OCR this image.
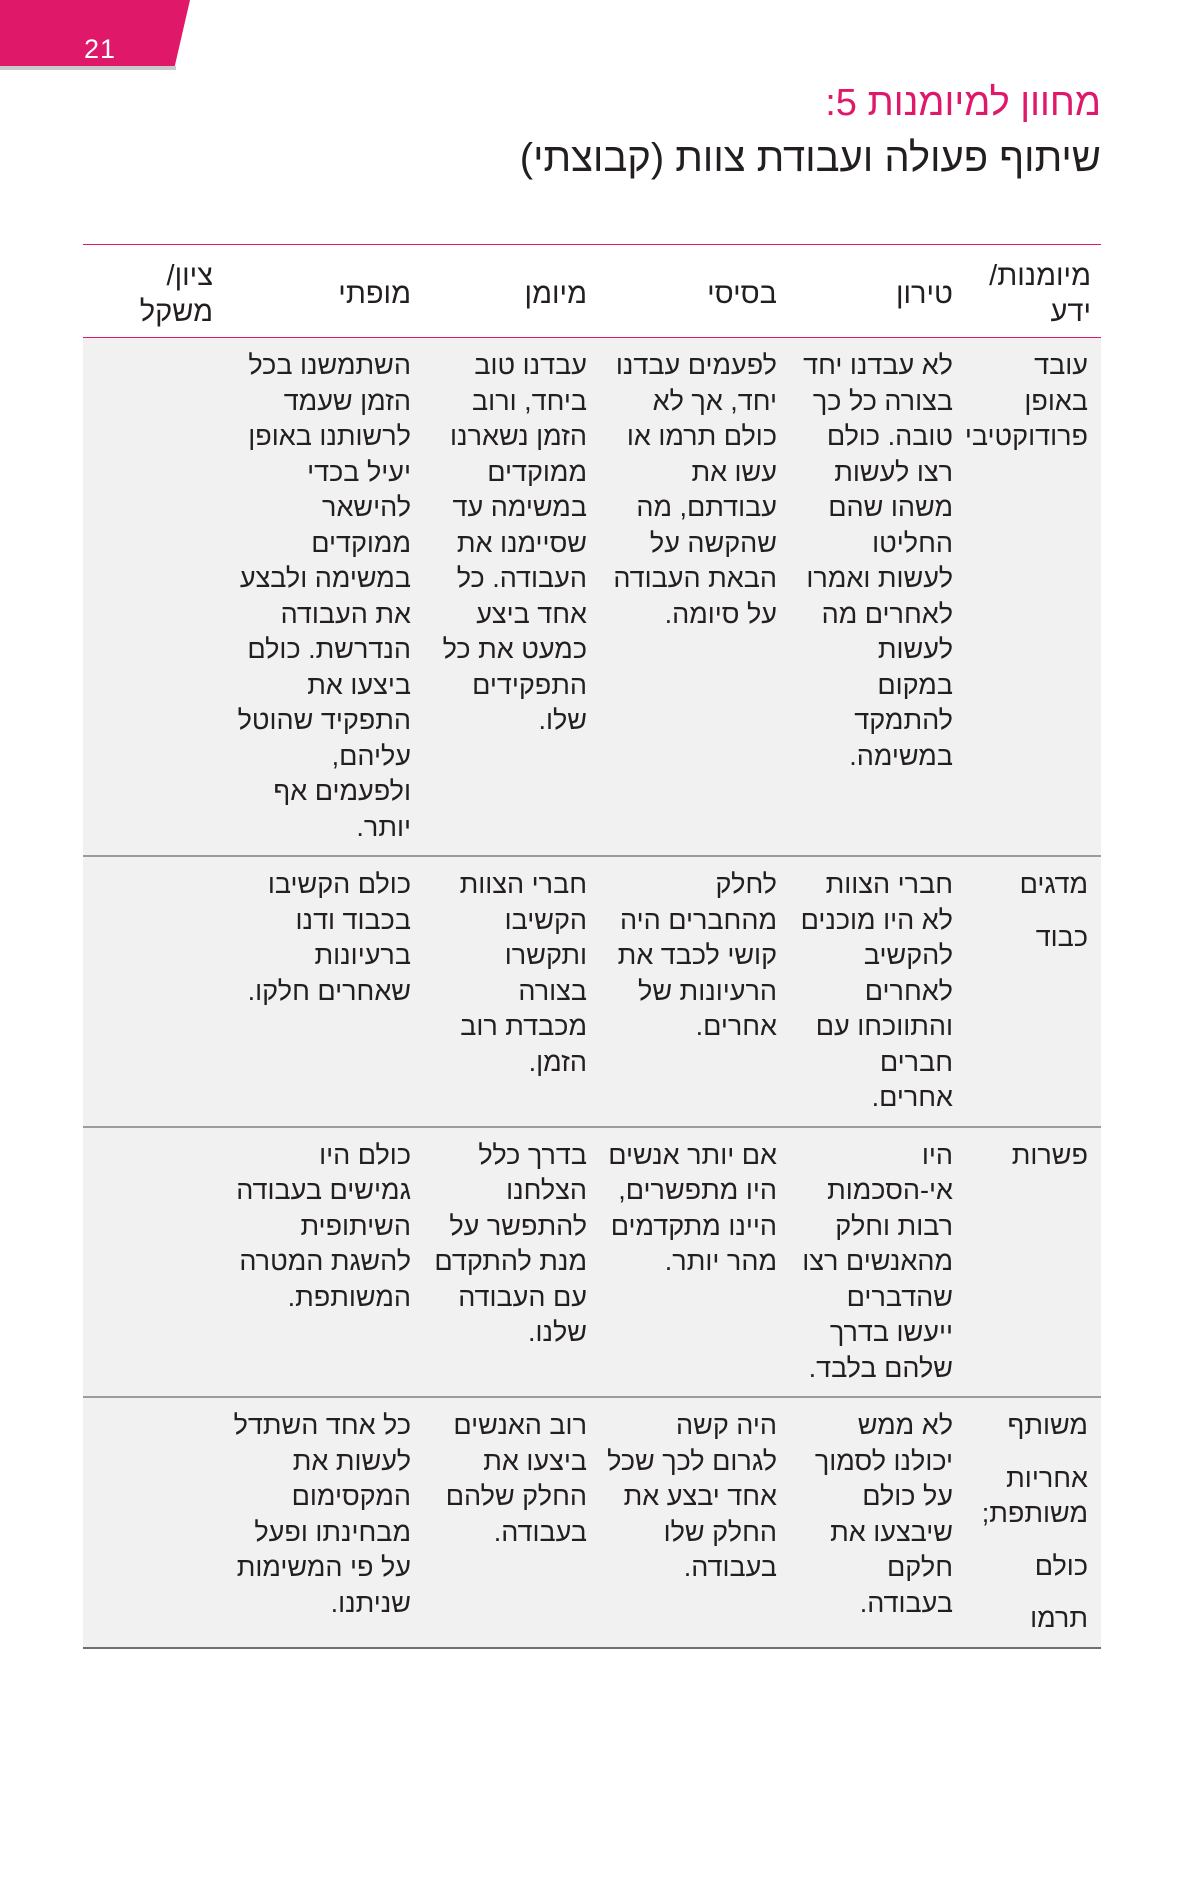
21
מחוון למיומנות 5:
שיתוף פעולה ועבודת צוות (קבוצתי)
מיומנות/ ידע	טירון	בסיסי	מיומן	מופתי	ציון/ משקל

עובד באופן פרודוקטיבי	לא עבדנו יחד בצורה כל כך טובה. כולם רצו לעשות משהו שהם החליטו לעשות ואמרו לאחרים מה לעשות במקום להתמקד במשימה.	לפעמים עבדנו יחד, אך לא כולם תרמו או עשו את עבודתם, מה שהקשה על הבאת העבודה על סיומה.	עבדנו טוב ביחד, ורוב הזמן נשארנו ממוקדים במשימה עד שסיימנו את העבודה. כל אחד ביצע כמעט את כל התפקידים שלו.	השתמשנו בכל הזמן שעמד לרשותנו באופן יעיל בכדי להישאר ממוקדים במשימה ולבצע את העבודה הנדרשת. כולם ביצעו את התפקיד שהוטל עליהם, ולפעמים אף יותר.	

מדגים
כבוד	חברי הצוות לא היו מוכנים להקשיב לאחרים והתווכחו עם חברים אחרים.	לחלק מהחברים היה קושי לכבד את הרעיונות של אחרים.	חברי הצוות הקשיבו ותקשרו בצורה מכבדת רוב הזמן.	כולם הקשיבו בכבוד ודנו ברעיונות שאחרים חלקו.	

פשרות	היו אי-הסכמות רבות וחלק מהאנשים רצו שהדברים ייעשו בדרך שלהם בלבד.	אם יותר אנשים היו מתפשרים, היינו מתקדמים מהר יותר.	בדרך כלל הצלחנו להתפשר על מנת להתקדם עם העבודה שלנו.	כולם היו גמישים בעבודה השיתופית להשגת המטרה המשותפת.	

משותף
אחריות משותפת;
כולם
תרמו	לא ממש יכולנו לסמוך על כולם שיבצעו את חלקם בעבודה.	היה קשה לגרום לכך שכל אחד יבצע את החלק שלו בעבודה.	רוב האנשים ביצעו את החלק שלהם בעבודה.	כל אחד השתדל לעשות את המקסימום מבחינתו ופעל על פי המשימות שניתנו.	
